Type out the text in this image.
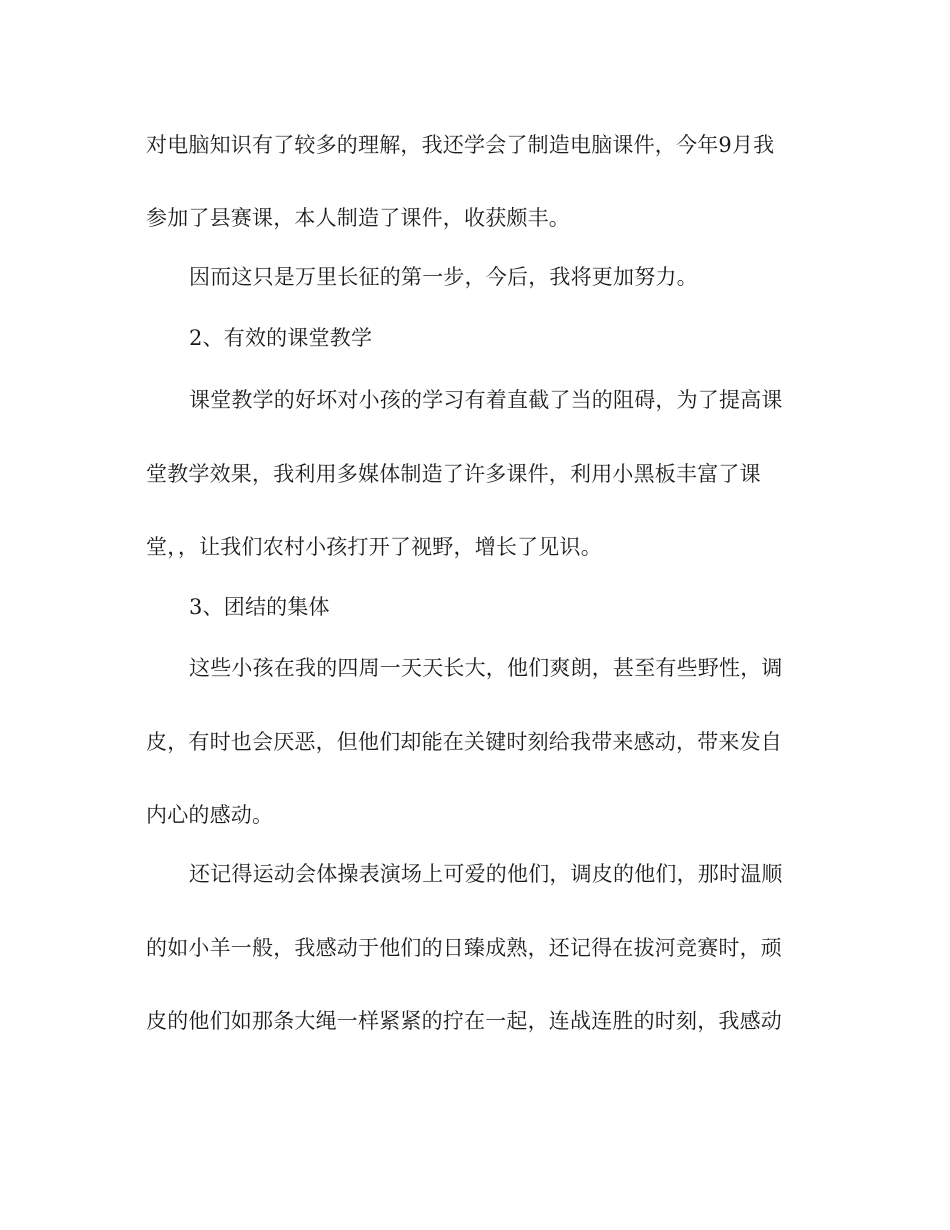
对电脑知识有了较多的理解，我还学会了制造电脑课件，今年9月我
参加了县赛课，本人制造了课件，收获颇丰。
因而这只是万里长征的第一步，今后，我将更加努力。
2、有效的课堂教学
课堂教学的好坏对小孩的学习有着直截了当的阻碍，为了提高课
堂教学效果，我利用多媒体制造了许多课件，利用小黑板丰富了课
堂，，让我们农村小孩打开了视野，增长了见识。
3、团结的集体
这些小孩在我的四周一天天长大，他们爽朗，甚至有些野性，调
皮，有时也会厌恶，但他们却能在关键时刻给我带来感动，带来发自
内心的感动。
还记得运动会体操表演场上可爱的他们，调皮的他们，那时温顺
的如小羊一般，我感动于他们的日臻成熟，还记得在拔河竞赛时，顽
皮的他们如那条大绳一样紧紧的拧在一起，连战连胜的时刻，我感动
